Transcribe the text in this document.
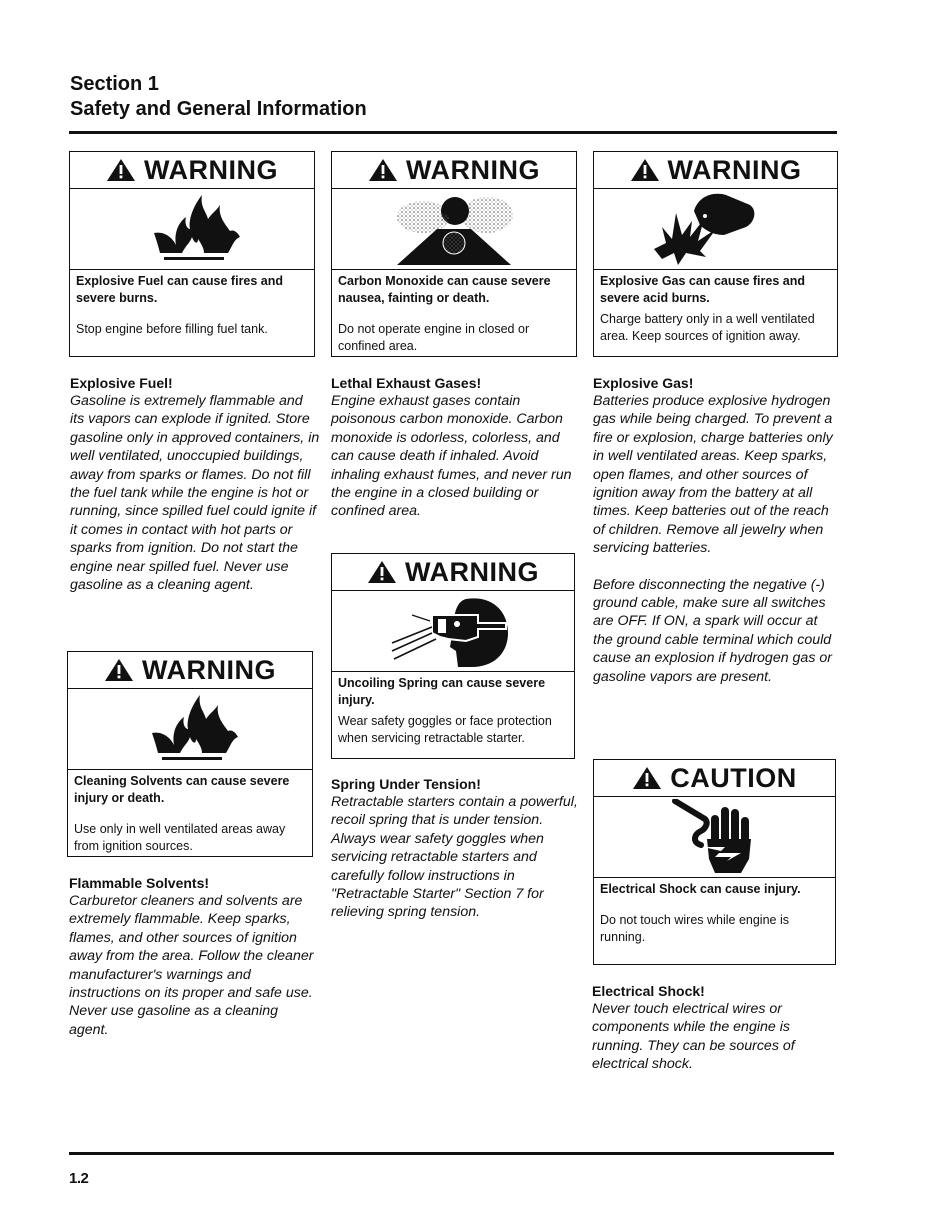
Section 1
Safety and General Information
WARNING
Explosive Fuel can cause fires and severe burns.
Stop engine before filling fuel tank.
WARNING
Carbon Monoxide can cause severe nausea, fainting or death.
Do not operate engine in closed or confined area.
WARNING
Explosive Gas can cause fires and severe acid burns.
Charge battery only in a well ventilated area. Keep sources of ignition away.
Explosive Fuel!
Gasoline is extremely flammable and its vapors can explode if ignited. Store gasoline only in approved containers, in well ventilated, unoccupied buildings, away from sparks or flames. Do not fill the fuel tank while the engine is hot or running, since spilled fuel could ignite if it comes in contact with hot parts or sparks from ignition. Do not start the engine near spilled fuel. Never use gasoline as a cleaning agent.
WARNING
Cleaning Solvents can cause severe injury or death.
Use only in well ventilated areas away from ignition sources.
Flammable Solvents!
Carburetor cleaners and solvents are extremely flammable. Keep sparks, flames, and other sources of ignition away from the area. Follow the cleaner manufacturer's warnings and instructions on its proper and safe use. Never use gasoline as a cleaning agent.
Lethal Exhaust Gases!
Engine exhaust gases contain poisonous carbon monoxide. Carbon monoxide is odorless, colorless, and can cause death if inhaled. Avoid inhaling exhaust fumes, and never run the engine in a closed building or confined area.
WARNING
Uncoiling Spring can cause severe injury.
Wear safety goggles or face protection when servicing retractable starter.
Spring Under Tension!
Retractable starters contain a powerful, recoil spring that is under tension. Always wear safety goggles when servicing retractable starters and carefully follow instructions in "Retractable Starter" Section 7 for relieving spring tension.
Explosive Gas!
Batteries produce explosive hydrogen gas while being charged. To prevent a fire or explosion, charge batteries only in well ventilated areas. Keep sparks, open flames, and other sources of ignition away from the battery at all times. Keep batteries out of the reach of children. Remove all jewelry when servicing batteries.
Before disconnecting the negative (-) ground cable, make sure all switches are OFF. If ON, a spark will occur at the ground cable terminal which could cause an explosion if hydrogen gas or gasoline vapors are present.
CAUTION
Electrical Shock can cause injury.
Do not touch wires while engine is running.
Electrical Shock!
Never touch electrical wires or components while the engine is running. They can be sources of electrical shock.
1.2
